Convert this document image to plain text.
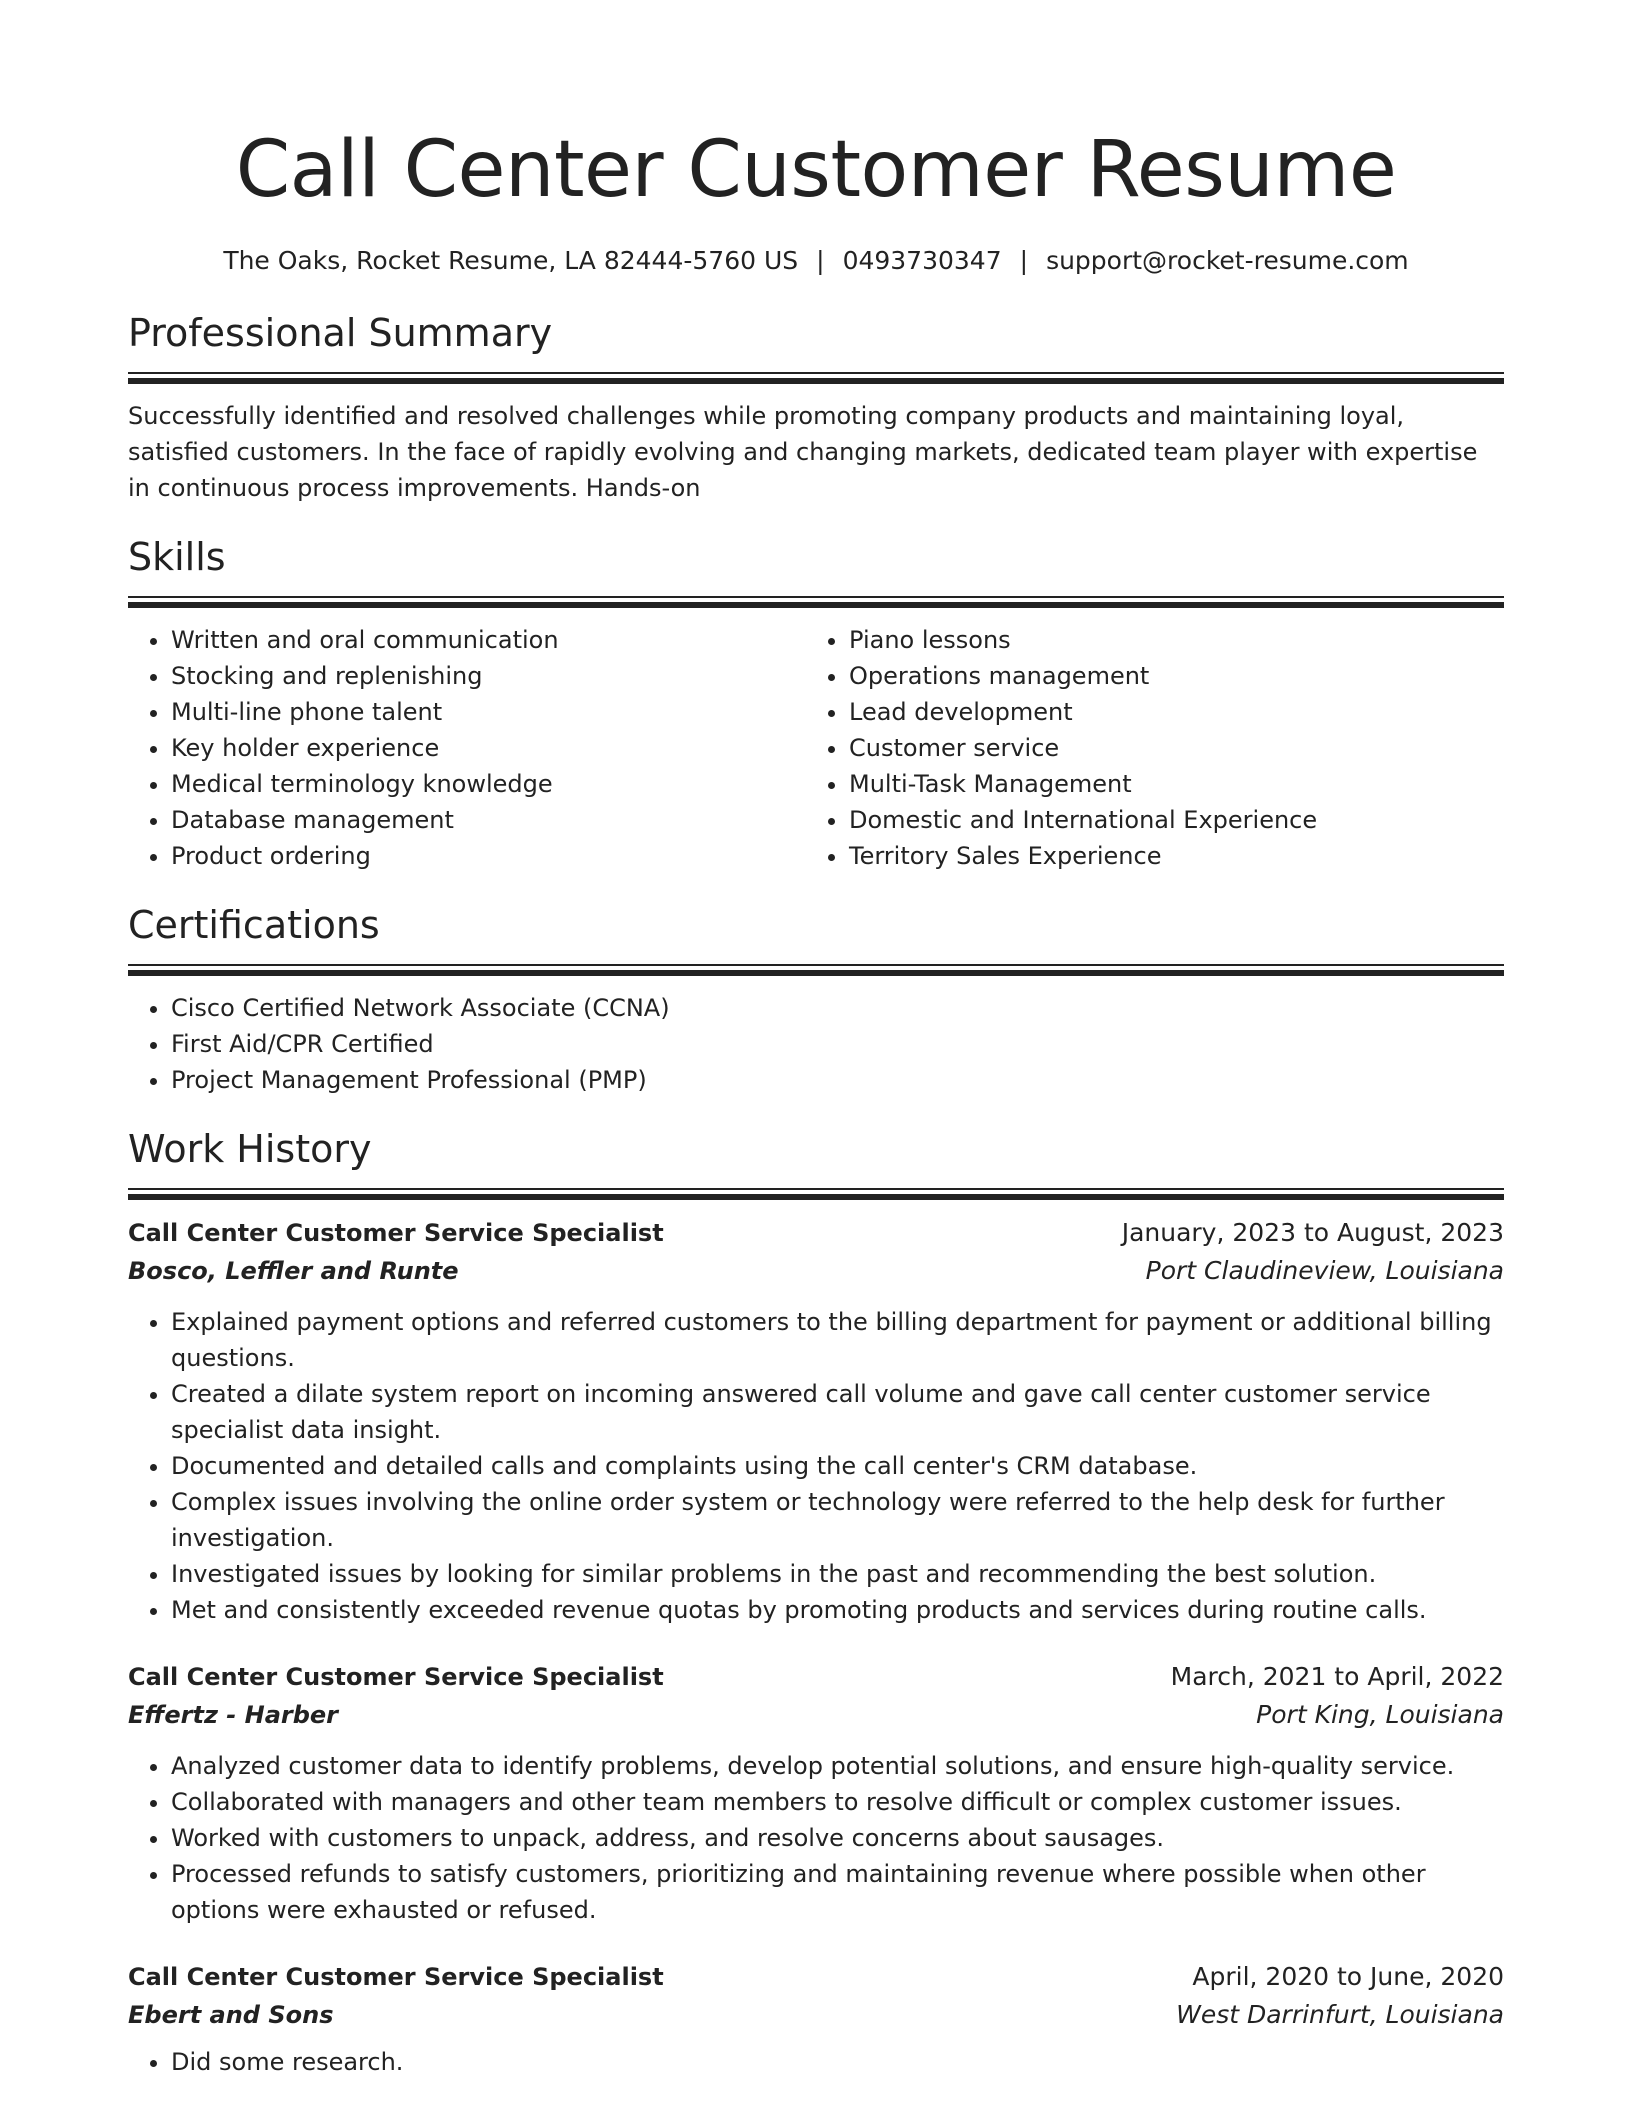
Call Center Customer Resume
The Oaks, Rocket Resume, LA 82444-5760 US | 0493730347 | support@rocket-resume.com
Professional Summary
Successfully identified and resolved challenges while promoting company products and maintaining loyal, satisfied customers. In the face of rapidly evolving and changing markets, dedicated team player with expertise in continuous process improvements. Hands-on
Skills
• Written and oral communication
• Stocking and replenishing
• Multi-line phone talent
• Key holder experience
• Medical terminology knowledge
• Database management
• Product ordering
• Piano lessons
• Operations management
• Lead development
• Customer service
• Multi-Task Management
• Domestic and International Experience
• Territory Sales Experience
Certifications
• Cisco Certified Network Associate (CCNA)
• First Aid/CPR Certified
• Project Management Professional (PMP)
Work History
Call Center Customer Service Specialist	January, 2023 to August, 2023
Bosco, Leffler and Runte	Port Claudineview, Louisiana
• Explained payment options and referred customers to the billing department for payment or additional billing questions.
• Created a dilate system report on incoming answered call volume and gave call center customer service specialist data insight.
• Documented and detailed calls and complaints using the call center's CRM database.
• Complex issues involving the online order system or technology were referred to the help desk for further investigation.
• Investigated issues by looking for similar problems in the past and recommending the best solution.
• Met and consistently exceeded revenue quotas by promoting products and services during routine calls.
Call Center Customer Service Specialist	March, 2021 to April, 2022
Effertz - Harber	Port King, Louisiana
• Analyzed customer data to identify problems, develop potential solutions, and ensure high-quality service.
• Collaborated with managers and other team members to resolve difficult or complex customer issues.
• Worked with customers to unpack, address, and resolve concerns about sausages.
• Processed refunds to satisfy customers, prioritizing and maintaining revenue where possible when other options were exhausted or refused.
Call Center Customer Service Specialist	April, 2020 to June, 2020
Ebert and Sons	West Darrinfurt, Louisiana
• Did some research.
